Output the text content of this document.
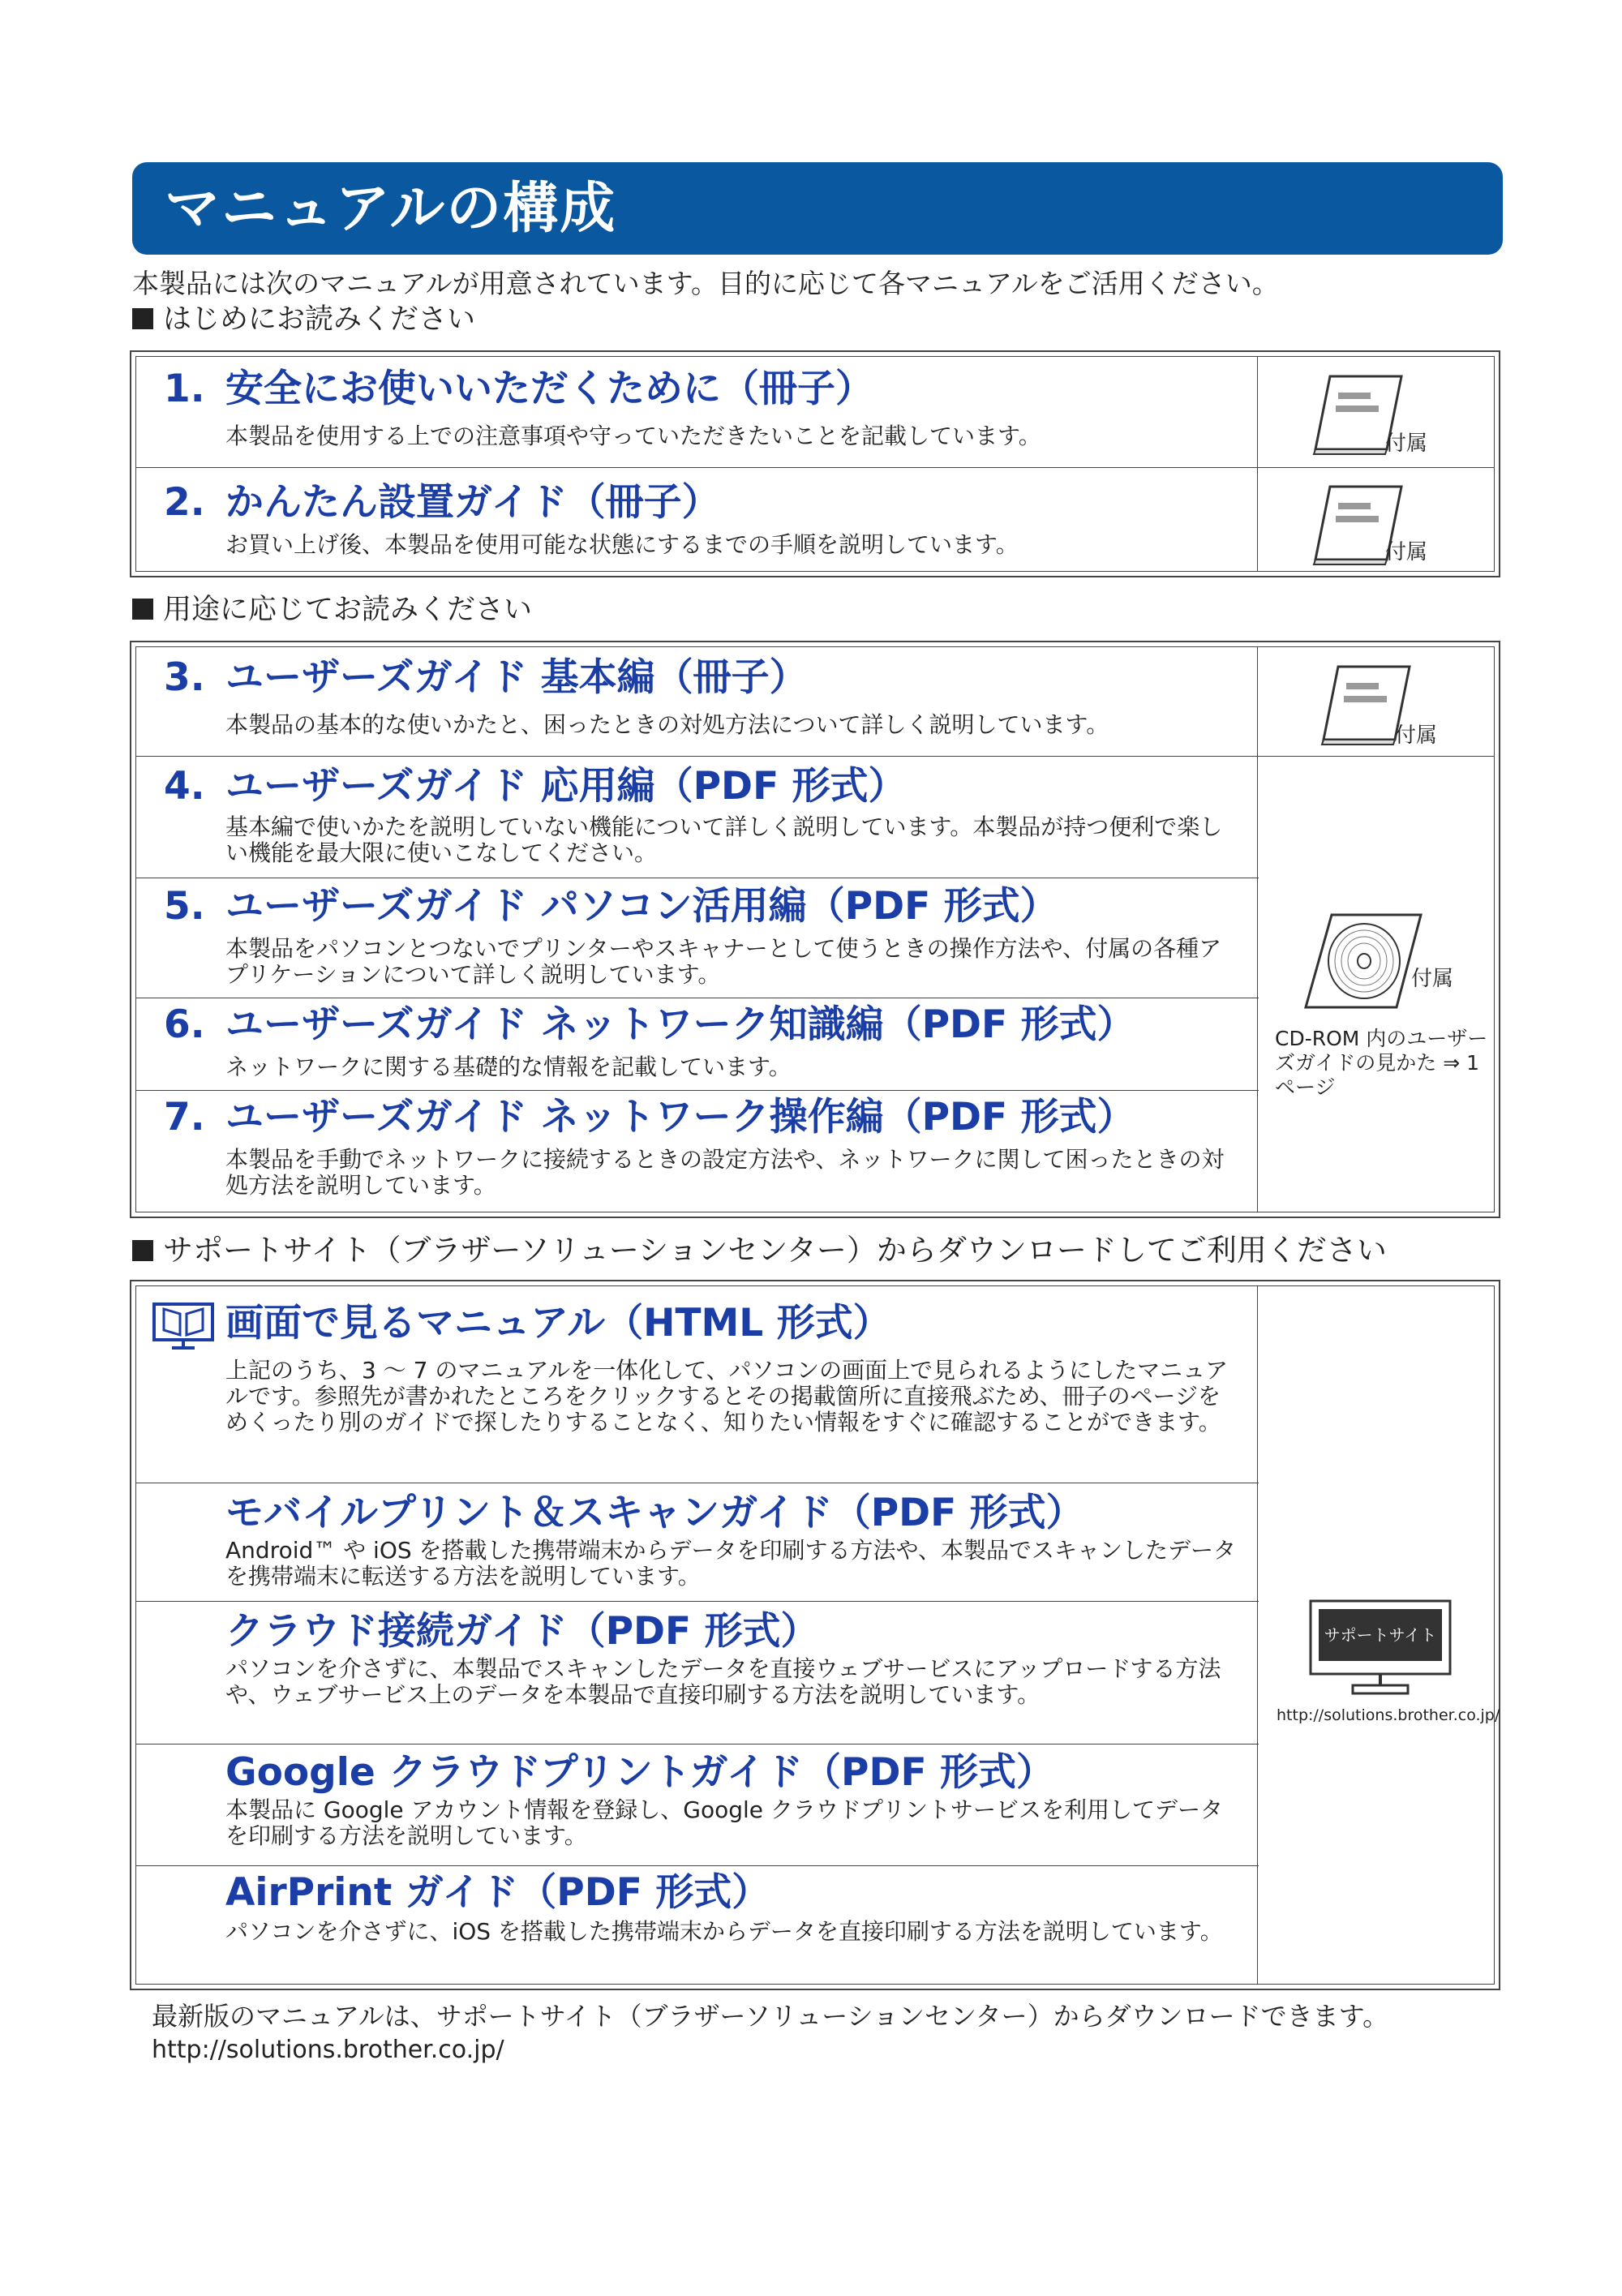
マニュアルの構成
本製品には次のマニュアルが用意されています。目的に応じて各マニュアルをご活用ください。
はじめにお読みください
1. 安全にお使いいただくために（冊子）
本製品を使用する上での注意事項や守っていただきたいことを記載しています。
2. かんたん設置ガイド（冊子）
お買い上げ後、本製品を使用可能な状態にするまでの手順を説明しています。
付属
付属
用途に応じてお読みください
3. ユーザーズガイド 基本編（冊子）
本製品の基本的な使いかたと、困ったときの対処方法について詳しく説明しています。
4. ユーザーズガイド 応用編（PDF 形式）
基本編で使いかたを説明していない機能について詳しく説明しています。本製品が持つ便利で楽しい機能を最大限に使いこなしてください。
5. ユーザーズガイド パソコン活用編（PDF 形式）
本製品をパソコンとつないでプリンターやスキャナーとして使うときの操作方法や、付属の各種アプリケーションについて詳しく説明しています。
6. ユーザーズガイド ネットワーク知識編（PDF 形式）
ネットワークに関する基礎的な情報を記載しています。
7. ユーザーズガイド ネットワーク操作編（PDF 形式）
本製品を手動でネットワークに接続するときの設定方法や、ネットワークに関して困ったときの対処方法を説明しています。
付属
付属
CD-ROM 内のユーザーズガイドの見かた ⇒ 1 ページ
サポートサイト（ブラザーソリューションセンター）からダウンロードしてご利用ください
画面で見るマニュアル（HTML 形式）
上記のうち、3 ～ 7 のマニュアルを一体化して、パソコンの画面上で見られるようにしたマニュアルです。参照先が書かれたところをクリックするとその掲載箇所に直接飛ぶため、冊子のページをめくったり別のガイドで探したりすることなく、知りたい情報をすぐに確認することができます。
モバイルプリント＆スキャンガイド（PDF 形式）
Android™ や iOS を搭載した携帯端末からデータを印刷する方法や、本製品でスキャンしたデータを携帯端末に転送する方法を説明しています。
クラウド接続ガイド（PDF 形式）
パソコンを介さずに、本製品でスキャンしたデータを直接ウェブサービスにアップロードする方法や、ウェブサービス上のデータを本製品で直接印刷する方法を説明しています。
Google クラウドプリントガイド（PDF 形式）
本製品に Google アカウント情報を登録し、Google クラウドプリントサービスを利用してデータを印刷する方法を説明しています。
AirPrint ガイド（PDF 形式）
パソコンを介さずに、iOS を搭載した携帯端末からデータを直接印刷する方法を説明しています。
サポートサイト
http://solutions.brother.co.jp/
最新版のマニュアルは、サポートサイト（ブラザーソリューションセンター）からダウンロードできます。
http://solutions.brother.co.jp/
